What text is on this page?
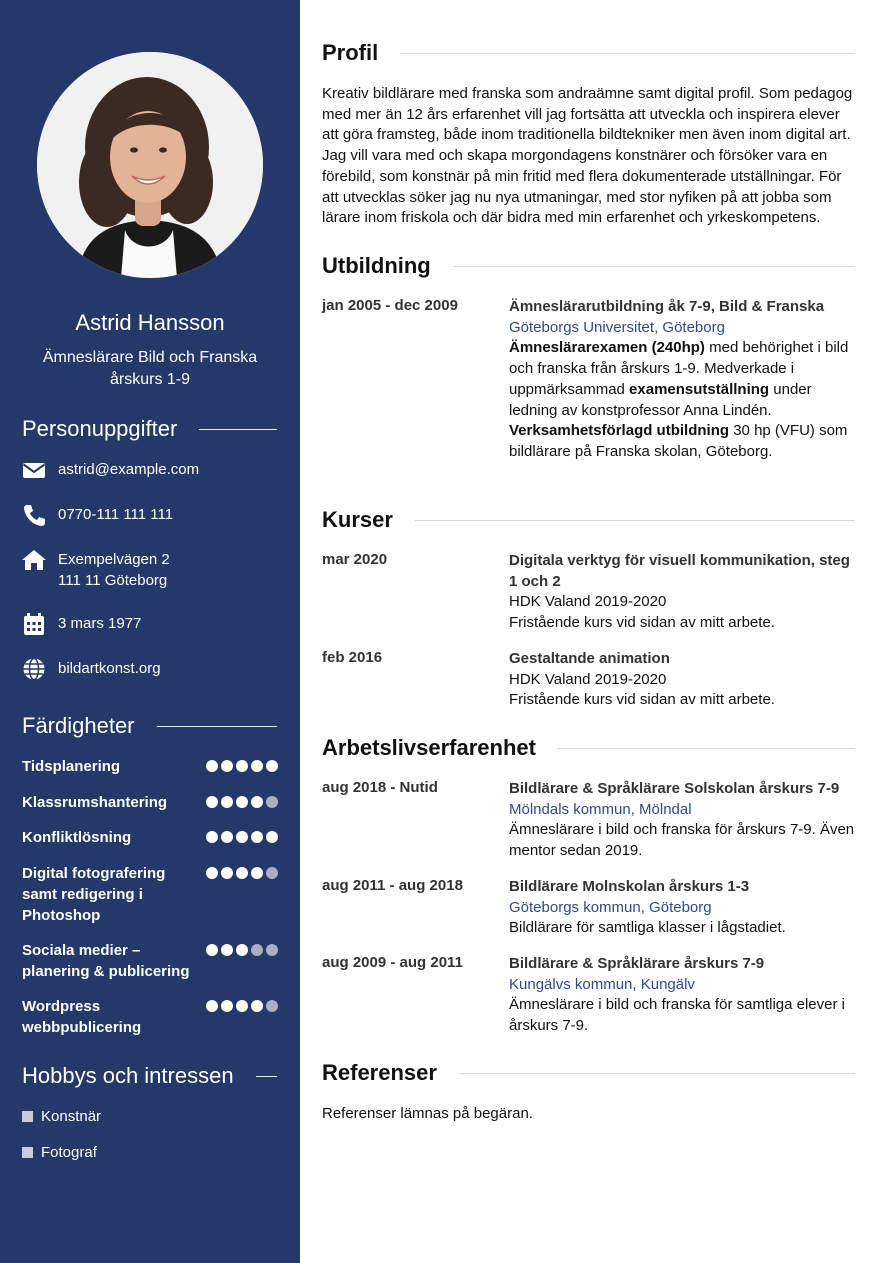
Astrid Hansson
Ämneslärare Bild och Franska årskurs 1-9
Personuppgifter
astrid@example.com
0770-111 111 111
Exempelvägen 2
111 11 Göteborg
3 mars 1977
bildartkonst.org
Färdigheter
Tidsplanering
Klassrumshantering
Konfliktlösning
Digital fotografering samt redigering i Photoshop
Sociala medier – planering & publicering
Wordpress webbpublicering
Hobbys och intressen
Konstnär
Fotograf
Profil
Kreativ bildlärare med franska som andraämne samt digital profil. Som pedagog med mer än 12 års erfarenhet vill jag fortsätta att utveckla och inspirera elever att göra framsteg, både inom traditionella bildtekniker men även inom digital art. Jag vill vara med och skapa morgondagens konstnärer och försöker vara en förebild, som konstnär på min fritid med flera dokumenterade utställningar. För att utvecklas söker jag nu nya utmaningar, med stor nyfiken på att jobba som lärare inom friskola och där bidra med min erfarenhet och yrkeskompetens.
Utbildning
jan 2005 - dec 2009	Ämneslärarutbildning åk 7-9, Bild & Franska
Göteborgs Universitet, Göteborg
Ämneslärarexamen (240hp) med behörighet i bild och franska från årskurs 1-9. Medverkade i uppmärksammad examensutställning under ledning av konstprofessor Anna Lindén.
Verksamhetsförlagd utbildning 30 hp (VFU) som bildlärare på Franska skolan, Göteborg.
Kurser
mar 2020	Digitala verktyg för visuell kommunikation, steg 1 och 2
HDK Valand 2019-2020
Fristående kurs vid sidan av mitt arbete.
feb 2016	Gestaltande animation
HDK Valand 2019-2020
Fristående kurs vid sidan av mitt arbete.
Arbetslivserfarenhet
aug 2018 - Nutid	Bildlärare & Språklärare Solskolan årskurs 7-9
Mölndals kommun, Mölndal
Ämneslärare i bild och franska för årskurs 7-9. Även mentor sedan 2019.
aug 2011 - aug 2018	Bildlärare Molnskolan årskurs 1-3
Göteborgs kommun, Göteborg
Bildlärare för samtliga klasser i lågstadiet.
aug 2009 - aug 2011	Bildlärare & Språklärare årskurs 7-9
Kungälvs kommun, Kungälv
Ämneslärare i bild och franska för samtliga elever i årskurs 7-9.
Referenser
Referenser lämnas på begäran.
